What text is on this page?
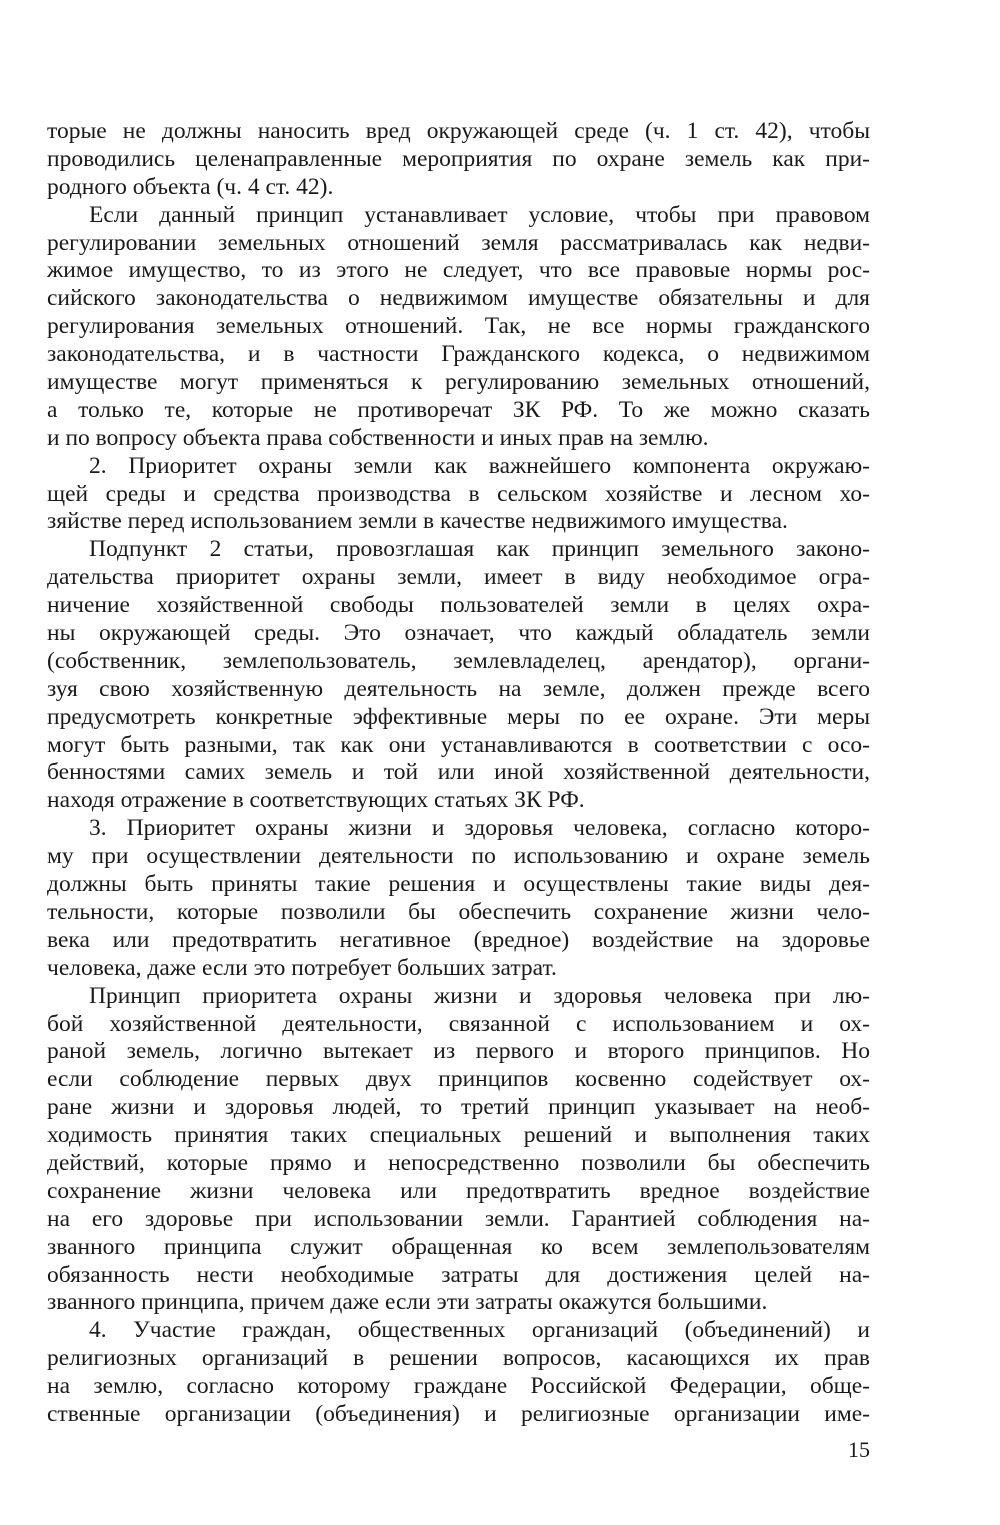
торые не должны наносить вред окружающей среде (ч. 1 ст. 42), чтобы
проводились целенаправленные мероприятия по охране земель как при-
родного объекта (ч. 4 ст. 42).
Если данный принцип устанавливает условие, чтобы при правовом
регулировании земельных отношений земля рассматривалась как недви-
жимое имущество, то из этого не следует, что все правовые нормы рос-
сийского законодательства о недвижимом имуществе обязательны и для
регулирования земельных отношений. Так, не все нормы гражданского
законодательства, и в частности Гражданского кодекса, о недвижимом
имуществе могут применяться к регулированию земельных отношений,
а только те, которые не противоречат ЗК РФ. То же можно сказать
и по вопросу объекта права собственности и иных прав на землю.
2. Приоритет охраны земли как важнейшего компонента окружаю-
щей среды и средства производства в сельском хозяйстве и лесном хо-
зяйстве перед использованием земли в качестве недвижимого имущества.
Подпункт 2 статьи, провозглашая как принцип земельного законо-
дательства приоритет охраны земли, имеет в виду необходимое огра-
ничение хозяйственной свободы пользователей земли в целях охра-
ны окружающей среды. Это означает, что каждый обладатель земли
(собственник, землепользователь, землевладелец, арендатор), органи-
зуя свою хозяйственную деятельность на земле, должен прежде всего
предусмотреть конкретные эффективные меры по ее охране. Эти меры
могут быть разными, так как они устанавливаются в соответствии с осо-
бенностями самих земель и той или иной хозяйственной деятельности,
находя отражение в соответствующих статьях ЗК РФ.
3. Приоритет охраны жизни и здоровья человека, согласно которо-
му при осуществлении деятельности по использованию и охране земель
должны быть приняты такие решения и осуществлены такие виды дея-
тельности, которые позволили бы обеспечить сохранение жизни чело-
века или предотвратить негативное (вредное) воздействие на здоровье
человека, даже если это потребует больших затрат.
Принцип приоритета охраны жизни и здоровья человека при лю-
бой хозяйственной деятельности, связанной с использованием и ох-
раной земель, логично вытекает из первого и второго принципов. Но
если соблюдение первых двух принципов косвенно содействует ох-
ране жизни и здоровья людей, то третий принцип указывает на необ-
ходимость принятия таких специальных решений и выполнения таких
действий, которые прямо и непосредственно позволили бы обеспечить
сохранение жизни человека или предотвратить вредное воздействие
на его здоровье при использовании земли. Гарантией соблюдения на-
званного принципа служит обращенная ко всем землепользователям
обязанность нести необходимые затраты для достижения целей на-
званного принципа, причем даже если эти затраты окажутся большими.
4. Участие граждан, общественных организаций (объединений) и
религиозных организаций в решении вопросов, касающихся их прав
на землю, согласно которому граждане Российской Федерации, обще-
ственные организации (объединения) и религиозные организации име-
15
